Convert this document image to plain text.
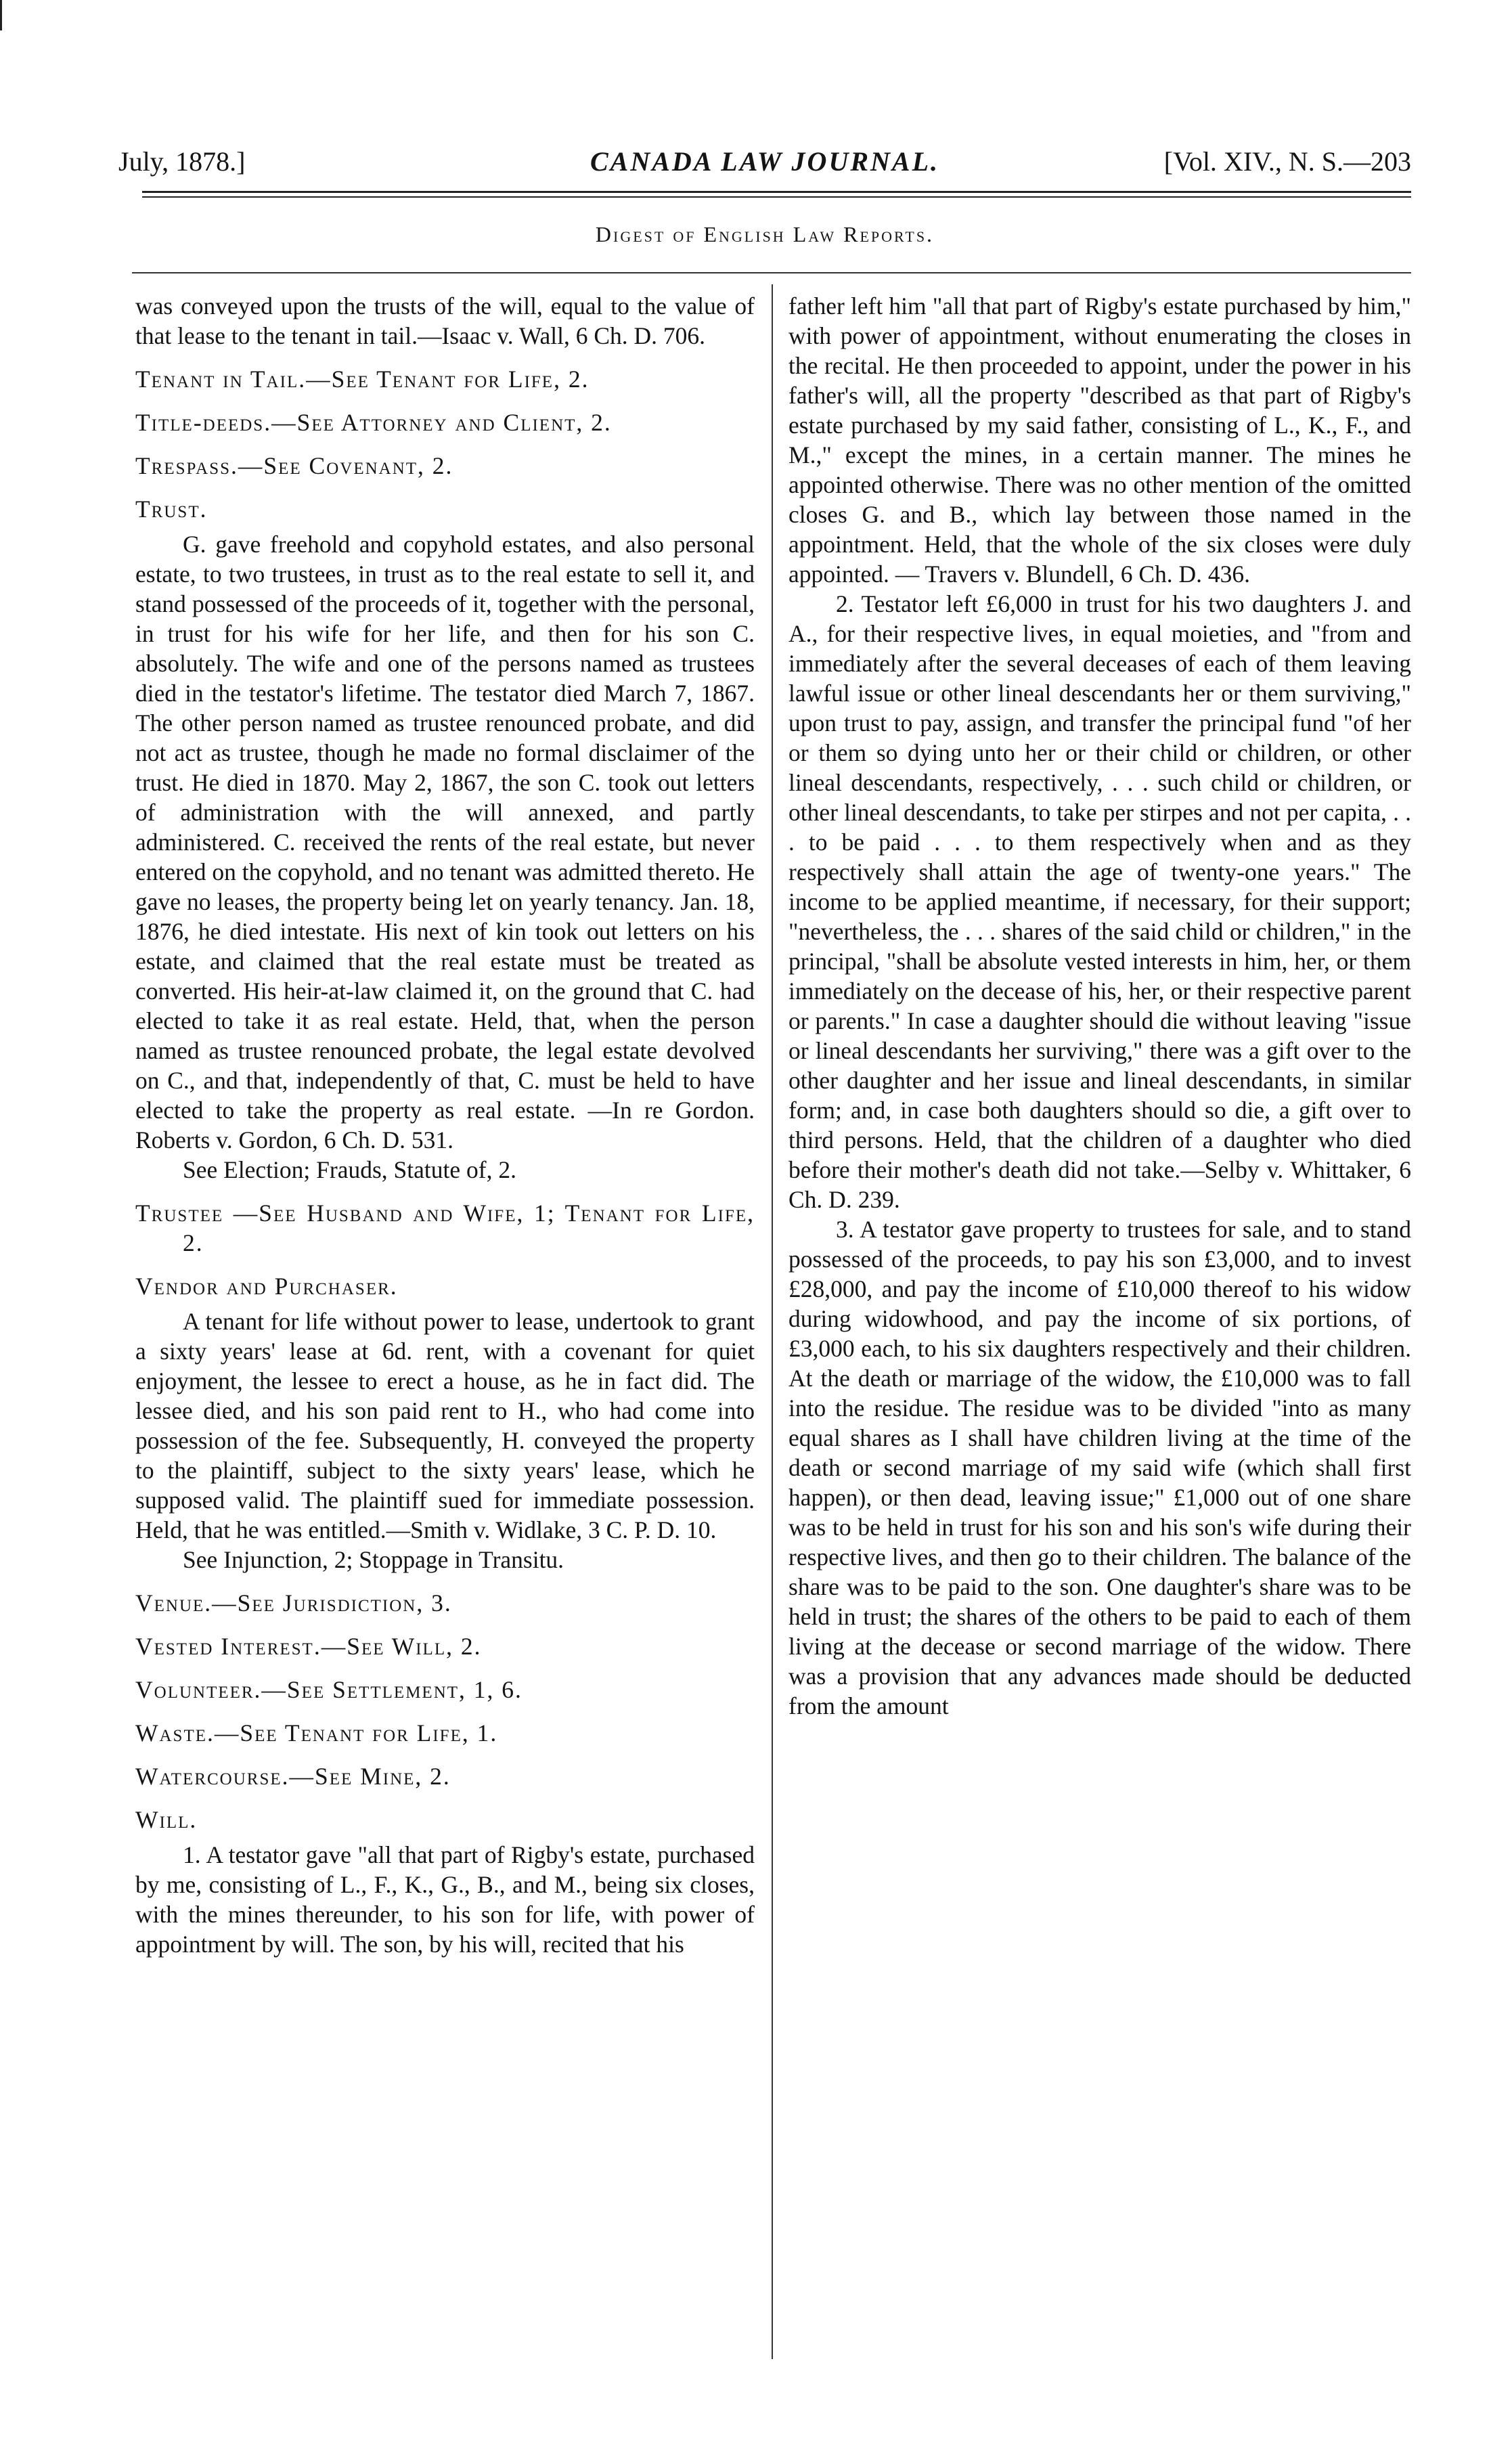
July, 1878.]	CANADA LAW JOURNAL.	[Vol. XIV., N. S.—203
Digest of English Law Reports.

was conveyed upon the trusts of the will, equal to the value of that lease to the tenant in tail.—Isaac v. Wall, 6 Ch. D. 706.

Tenant in Tail.—See Tenant for Life, 2.

Title-deeds.—See Attorney and Client, 2.

Trespass.—See Covenant, 2.

Trust.

G. gave freehold and copyhold estates, and also personal estate, to two trustees, in trust as to the real estate to sell it, and stand possessed of the proceeds of it, together with the personal, in trust for his wife for her life, and then for his son C. absolutely. The wife and one of the persons named as trustees died in the testator's lifetime. The testator died March 7, 1867. The other person named as trustee renounced probate, and did not act as trustee, though he made no formal disclaimer of the trust. He died in 1870. May 2, 1867, the son C. took out letters of administration with the will annexed, and partly administered. C. received the rents of the real estate, but never entered on the copyhold, and no tenant was admitted thereto. He gave no leases, the property being let on yearly tenancy. Jan. 18, 1876, he died intestate. His next of kin took out letters on his estate, and claimed that the real estate must be treated as converted. His heir-at-law claimed it, on the ground that C. had elected to take it as real estate. Held, that, when the person named as trustee renounced probate, the legal estate devolved on C., and that, independently of that, C. must be held to have elected to take the property as real estate. —In re Gordon. Roberts v. Gordon, 6 Ch. D. 531.

See Election; Frauds, Statute of, 2.

Trustee —See Husband and Wife, 1; Tenant for Life, 2.

Vendor and Purchaser.

A tenant for life without power to lease, undertook to grant a sixty years' lease at 6d. rent, with a covenant for quiet enjoyment, the lessee to erect a house, as he in fact did. The lessee died, and his son paid rent to H., who had come into possession of the fee. Subsequently, H. conveyed the property to the plaintiff, subject to the sixty years' lease, which he supposed valid. The plaintiff sued for immediate possession. Held, that he was entitled.—Smith v. Widlake, 3 C. P. D. 10.

See Injunction, 2; Stoppage in Transitu.

Venue.—See Jurisdiction, 3.

Vested Interest.—See Will, 2.

Volunteer.—See Settlement, 1, 6.

Waste.—See Tenant for Life, 1.

Watercourse.—See Mine, 2.

Will.

1. A testator gave "all that part of Rigby's estate, purchased by me, consisting of L., F., K., G., B., and M., being six closes, with the mines thereunder, to his son for life, with power of appointment by will. The son, by his will, recited that his

father left him "all that part of Rigby's estate purchased by him," with power of appointment, without enumerating the closes in the recital. He then proceeded to appoint, under the power in his father's will, all the property "described as that part of Rigby's estate purchased by my said father, consisting of L., K., F., and M.," except the mines, in a certain manner. The mines he appointed otherwise. There was no other mention of the omitted closes G. and B., which lay between those named in the appointment. Held, that the whole of the six closes were duly appointed. — Travers v. Blundell, 6 Ch. D. 436.

2. Testator left £6,000 in trust for his two daughters J. and A., for their respective lives, in equal moieties, and "from and immediately after the several deceases of each of them leaving lawful issue or other lineal descendants her or them surviving," upon trust to pay, assign, and transfer the principal fund "of her or them so dying unto her or their child or children, or other lineal descendants, respectively, . . . such child or children, or other lineal descendants, to take per stirpes and not per capita, . . . to be paid . . . to them respectively when and as they respectively shall attain the age of twenty-one years." The income to be applied meantime, if necessary, for their support; "nevertheless, the . . . shares of the said child or children," in the principal, "shall be absolute vested interests in him, her, or them immediately on the decease of his, her, or their respective parent or parents." In case a daughter should die without leaving "issue or lineal descendants her surviving," there was a gift over to the other daughter and her issue and lineal descendants, in similar form; and, in case both daughters should so die, a gift over to third persons. Held, that the children of a daughter who died before their mother's death did not take.—Selby v. Whittaker, 6 Ch. D. 239.

3. A testator gave property to trustees for sale, and to stand possessed of the proceeds, to pay his son £3,000, and to invest £28,000, and pay the income of £10,000 thereof to his widow during widowhood, and pay the income of six portions, of £3,000 each, to his six daughters respectively and their children. At the death or marriage of the widow, the £10,000 was to fall into the residue. The residue was to be divided "into as many equal shares as I shall have children living at the time of the death or second marriage of my said wife (which shall first happen), or then dead, leaving issue;" £1,000 out of one share was to be held in trust for his son and his son's wife during their respective lives, and then go to their children. The balance of the share was to be paid to the son. One daughter's share was to be held in trust; the shares of the others to be paid to each of them living at the decease or second marriage of the widow. There was a provision that any advances made should be deducted from the amount
